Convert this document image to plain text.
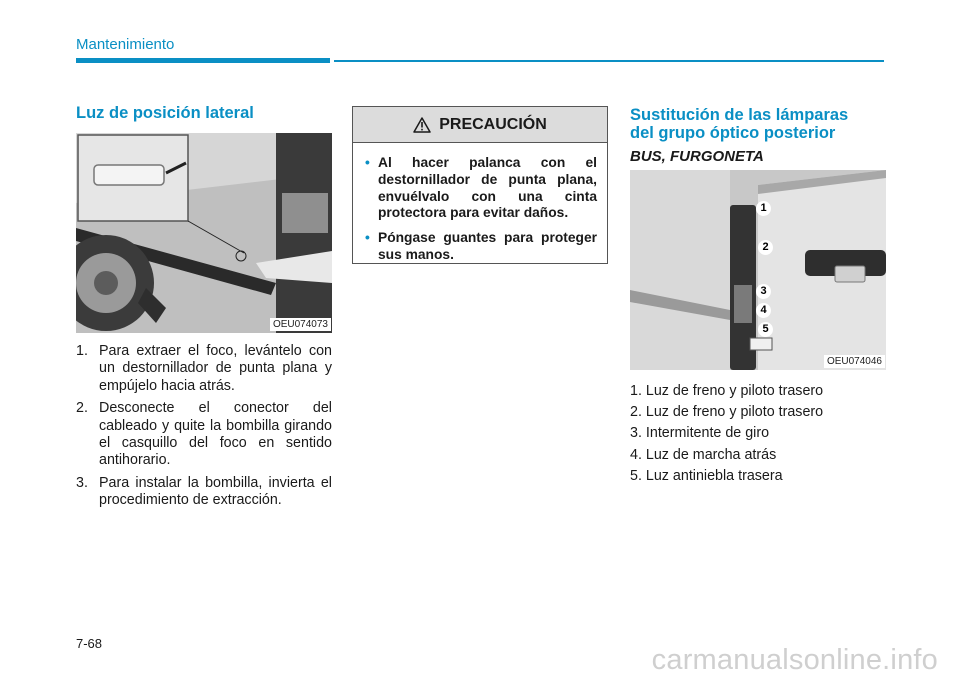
Mantenimiento
Luz de posición lateral
OEU074073
1. Para extraer el foco, levántelo con un destornillador de punta plana y empújelo hacia atrás.
2. Desconecte el conector del cableado y quite la bombilla girando el casquillo del foco en sentido antihorario.
3. Para instalar la bombilla, invierta el procedimiento de extracción.
PRECAUCIÓN
• Al hacer palanca con el destornillador de punta plana, envuélvalo con una cinta protectora para evitar daños.
• Póngase guantes para proteger sus manos.
Sustitución de las lámparas
del grupo óptico posterior
BUS, FURGONETA
1
2
3
4
5
OEU074046
1. Luz de freno y piloto trasero
2. Luz de freno y piloto trasero
3. Intermitente de giro
4. Luz de marcha atrás
5. Luz antiniebla trasera
7-68
carmanualsonline.info
